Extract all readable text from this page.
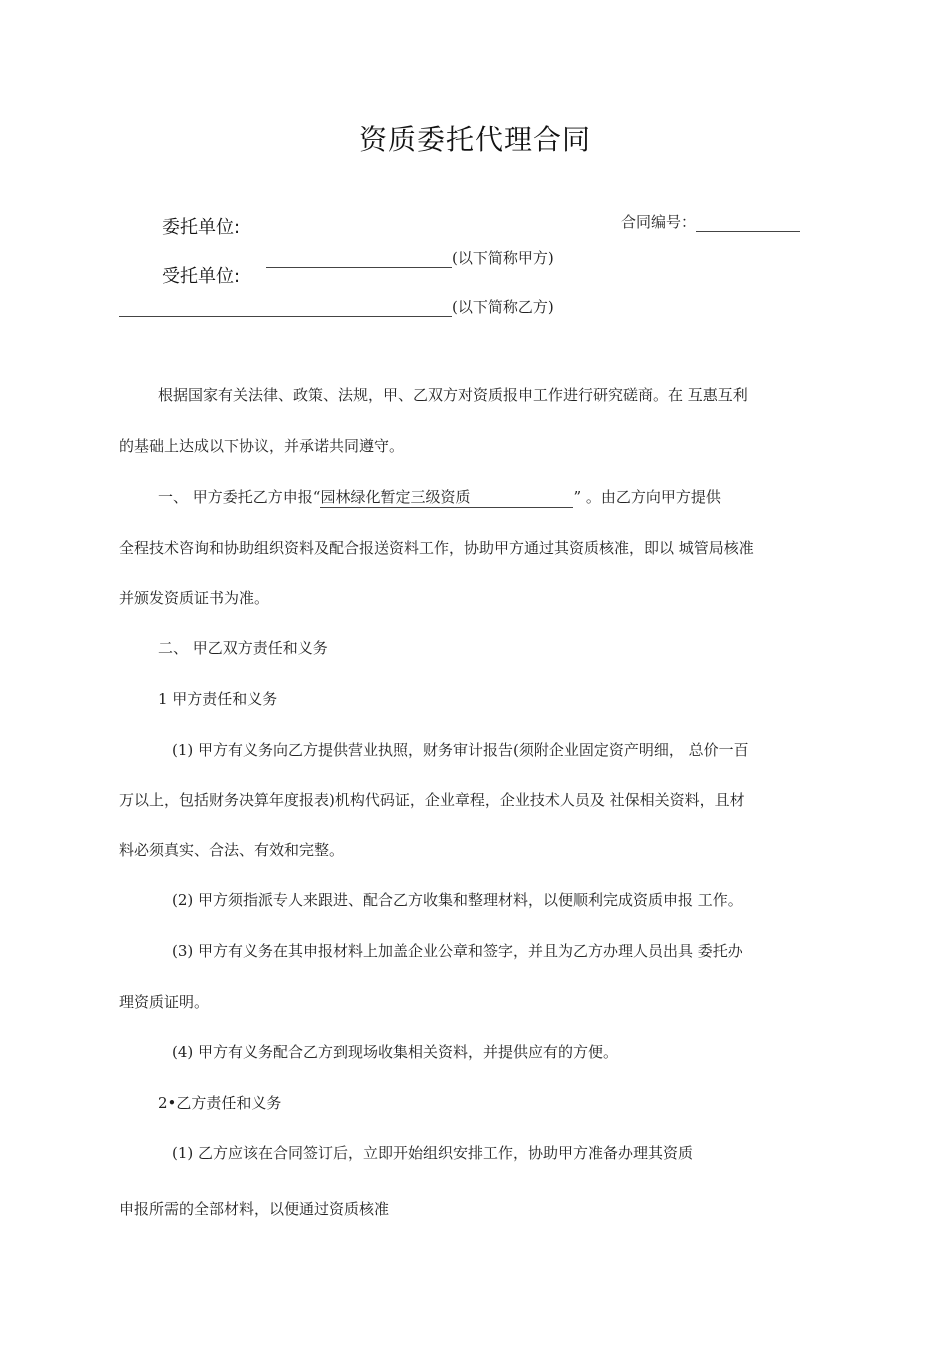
资质委托代理合同
委托单位:	合同编号：
受托单位:
(以下简称甲方)
(以下简称乙方)
根据国家有关法律、政策、法规，甲、乙双方对资质报申工作进行研究磋商。在 互惠互利
的基础上达成以下协议，并承诺共同遵守。
一、 甲方委托乙方申报“园林绿化暂定三级资质	” 。由乙方向甲方提供
全程技术咨询和协助组织资料及配合报送资料工作，协助甲方通过其资质核准，即以 城管局核准
并颁发资质证书为准。
二、 甲乙双方责任和义务
1 甲方责任和义务
(1) 甲方有义务向乙方提供营业执照，财务审计报告(须附企业固定资产明细， 总价一百
万以上，包括财务决算年度报表)机构代码证，企业章程，企业技术人员及 社保相关资料，且材
料必须真实、合法、有效和完整。
(2) 甲方须指派专人来跟进、配合乙方收集和整理材料，以便顺利完成资质申报 工作。
(3) 甲方有义务在其申报材料上加盖企业公章和签字，并且为乙方办理人员出具 委托办
理资质证明。
(4) 甲方有义务配合乙方到现场收集相关资料，并提供应有的方便。
2•乙方责任和义务
(1) 乙方应该在合同签订后，立即开始组织安排工作，协助甲方准备办理其资质
申报所需的全部材料，以便通过资质核准
